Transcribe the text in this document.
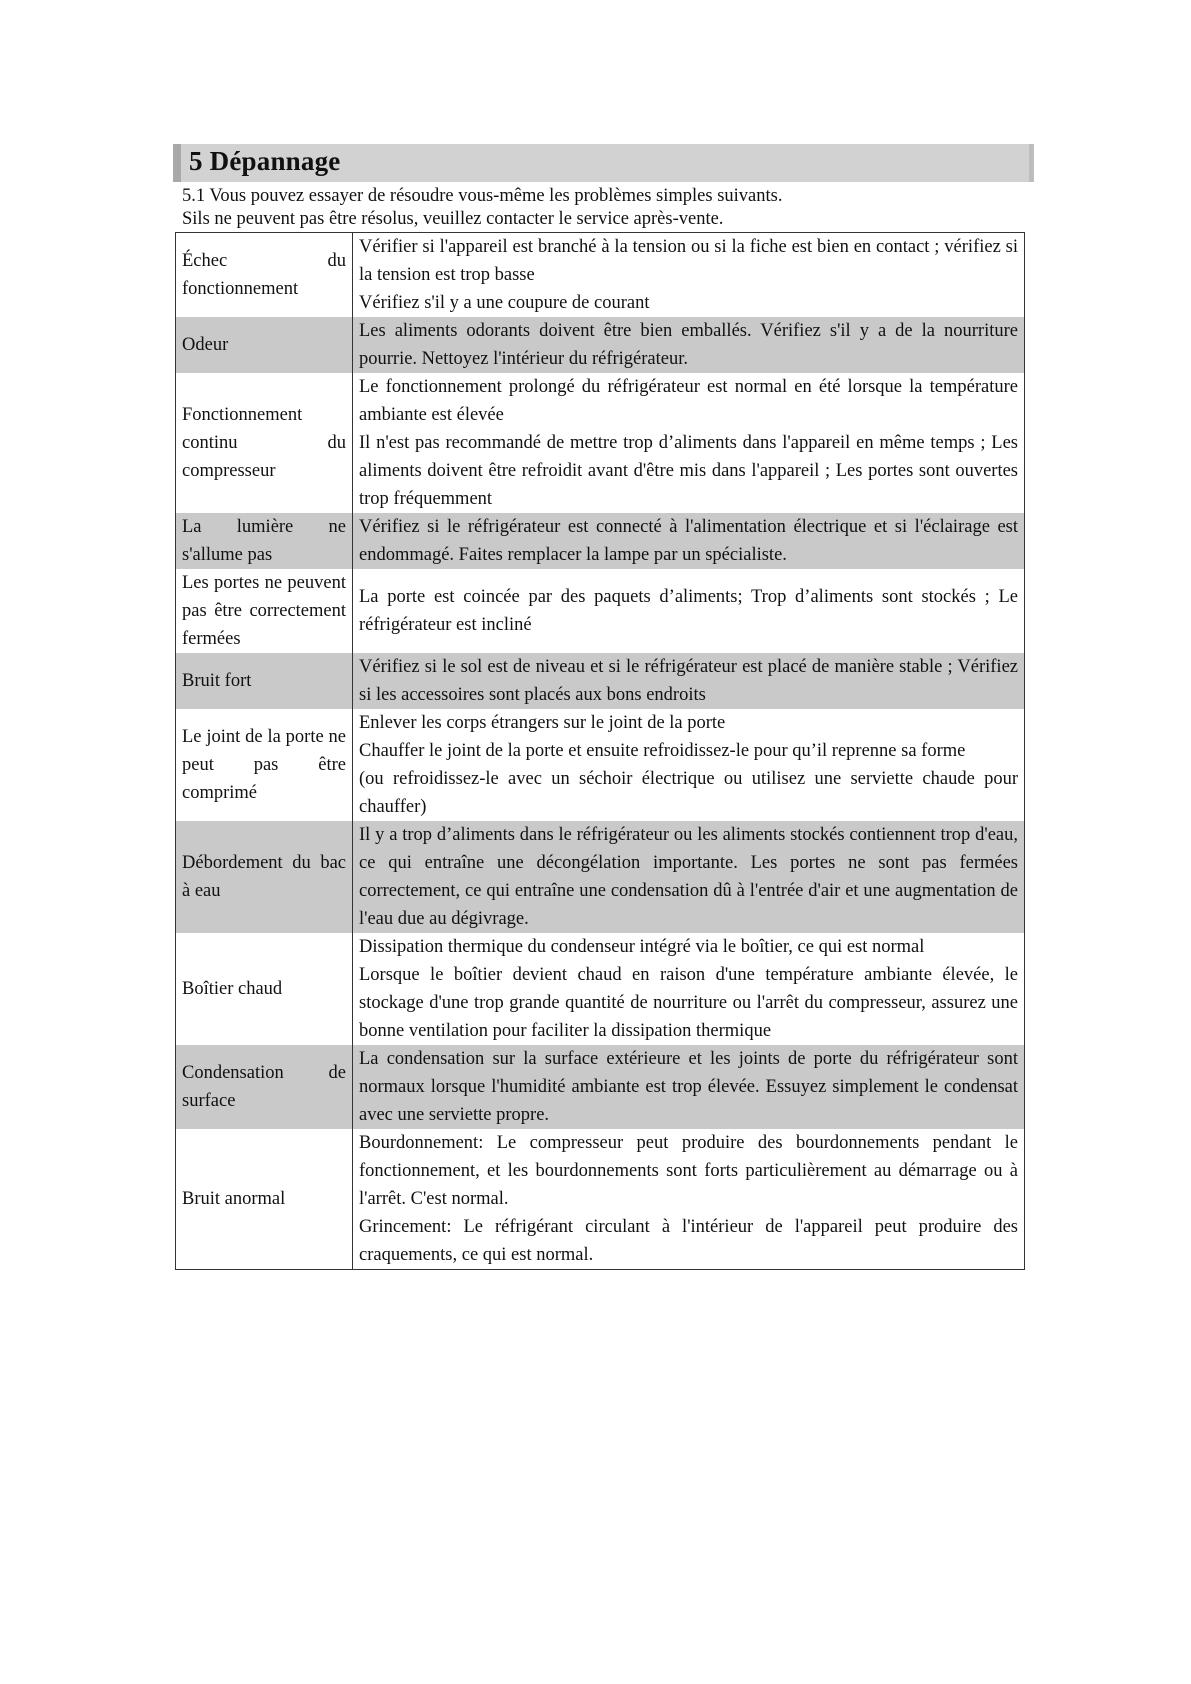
5 Dépannage
5.1 Vous pouvez essayer de résoudre vous-même les problèmes simples suivants.
Sils ne peuvent pas être résolus, veuillez contacter le service après-vente.
Échec du fonctionnement	Vérifier si l'appareil est branché à la tension ou si la fiche est bien en contact ; vérifiez si la tension est trop basse
Vérifiez s'il y a une coupure de courant

Odeur	Les aliments odorants doivent être bien emballés. Vérifiez s'il y a de la nourriture pourrie. Nettoyez l'intérieur du réfrigérateur.

Fonctionnement continu du compresseur	Le fonctionnement prolongé du réfrigérateur est normal en été lorsque la température ambiante est élevée
Il n'est pas recommandé de mettre trop d’aliments dans l'appareil en même temps ; Les aliments doivent être refroidit avant d'être mis dans l'appareil ; Les portes sont ouvertes trop fréquemment

La lumière ne s'allume pas	Vérifiez si le réfrigérateur est connecté à l'alimentation électrique et si l'éclairage est endommagé. Faites remplacer la lampe par un spécialiste.

Les portes ne peuvent pas être correctement fermées	La porte est coincée par des paquets d’aliments; Trop d’aliments sont stockés ; Le réfrigérateur est incliné

Bruit fort	Vérifiez si le sol est de niveau et si le réfrigérateur est placé de manière stable ; Vérifiez si les accessoires sont placés aux bons endroits

Le joint de la porte ne peut pas être comprimé	Enlever les corps étrangers sur le joint de la porte
Chauffer le joint de la porte et ensuite refroidissez-le pour qu’il reprenne sa forme
(ou refroidissez-le avec un séchoir électrique ou utilisez une serviette chaude pour chauffer)

Débordement du bac à eau	Il y a trop d’aliments dans le réfrigérateur ou les aliments stockés contiennent trop d'eau, ce qui entraîne une décongélation importante. Les portes ne sont pas fermées correctement, ce qui entraîne une condensation dû à l'entrée d'air et une augmentation de l'eau due au dégivrage.

Boîtier chaud	Dissipation thermique du condenseur intégré via le boîtier, ce qui est normal
Lorsque le boîtier devient chaud en raison d'une température ambiante élevée, le stockage d'une trop grande quantité de nourriture ou l'arrêt du compresseur, assurez une bonne ventilation pour faciliter la dissipation thermique

Condensation de surface	La condensation sur la surface extérieure et les joints de porte du réfrigérateur sont normaux lorsque l'humidité ambiante est trop élevée. Essuyez simplement le condensat avec une serviette propre.

Bruit anormal	Bourdonnement: Le compresseur peut produire des bourdonnements pendant le fonctionnement, et les bourdonnements sont forts particulièrement au démarrage ou à l'arrêt. C'est normal.
Grincement: Le réfrigérant circulant à l'intérieur de l'appareil peut produire des craquements, ce qui est normal.
